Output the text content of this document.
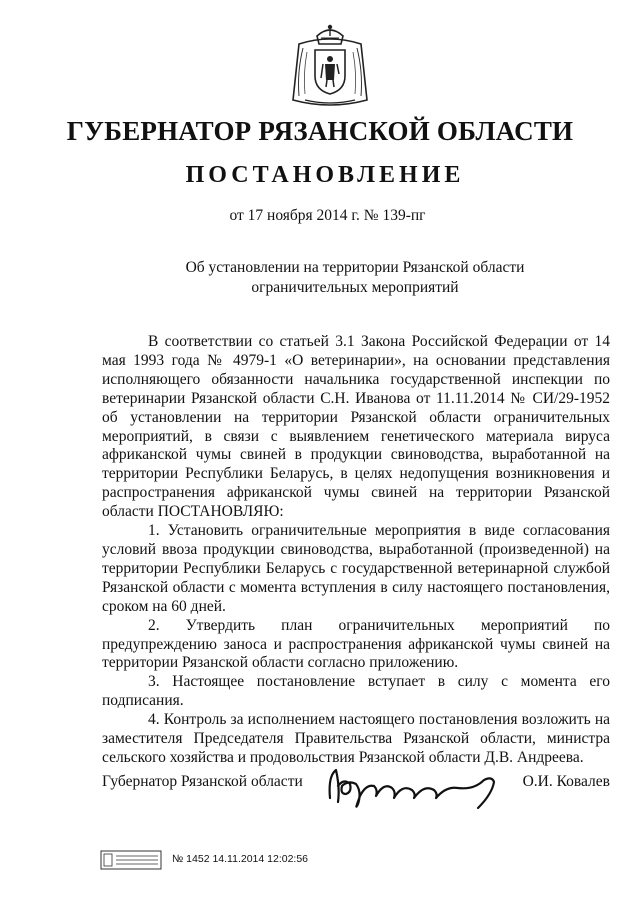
ГУБЕРНАТОР РЯЗАНСКОЙ ОБЛАСТИ
ПОСТАНОВЛЕНИЕ
от 17 ноября 2014 г. № 139-пг
Об установлении на территории Рязанской области
ограничительных мероприятий

В соответствии со статьей 3.1 Закона Российской Федерации от 14 мая 1993 года № 4979-1 «О ветеринарии», на основании представления исполняющего обязанности начальника государственной инспекции по ветеринарии Рязанской области С.Н. Иванова от 11.11.2014 № СИ/29-1952 об установлении на территории Рязанской области ограничительных мероприятий, в связи с выявлением генетического материала вируса африканской чумы свиней в продукции свиноводства, выработанной на территории Республики Беларусь, в целях недопущения возникновения и распространения африканской чумы свиней на территории Рязанской области ПОСТАНОВЛЯЮ:

1. Установить ограничительные мероприятия в виде согласования условий ввоза продукции свиноводства, выработанной (произведенной) на территории Республики Беларусь с государственной ветеринарной службой Рязанской области с момента вступления в силу настоящего постановления, сроком на 60 дней.

2. Утвердить план ограничительных мероприятий по предупреждению заноса и распространения африканской чумы свиней на территории Рязанской области согласно приложению.

3. Настоящее постановление вступает в силу с момента его подписания.

4. Контроль за исполнением настоящего постановления возложить на заместителя Председателя Правительства Рязанской области, министра сельского хозяйства и продовольствия Рязанской области Д.В. Андреева.

Губернатор Рязанской области	О.И. Ковалев
№ 1452 14.11.2014 12:02:56
